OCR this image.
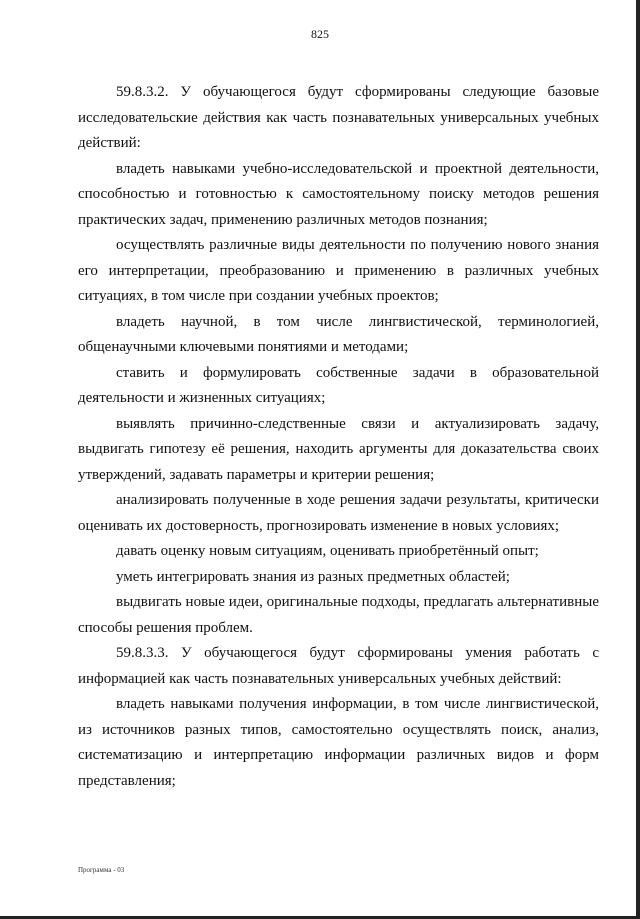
825

59.8.3.2. У обучающегося будут сформированы следующие базовые исследовательские действия как часть познавательных универсальных учебных действий:

владеть навыками учебно-исследовательской и проектной деятельности, способностью и готовностью к самостоятельному поиску методов решения практических задач, применению различных методов познания;

осуществлять различные виды деятельности по получению нового знания его интерпретации, преобразованию и применению в различных учебных ситуациях, в том числе при создании учебных проектов;

владеть научной, в том числе лингвистической, терминологией, общенаучными ключевыми понятиями и методами;

ставить и формулировать собственные задачи в образовательной деятельности и жизненных ситуациях;

выявлять причинно-следственные связи и актуализировать задачу, выдвигать гипотезу её решения, находить аргументы для доказательства своих утверждений, задавать параметры и критерии решения;

анализировать полученные в ходе решения задачи результаты, критически оценивать их достоверность, прогнозировать изменение в новых условиях;

давать оценку новым ситуациям, оценивать приобретённый опыт;

уметь интегрировать знания из разных предметных областей;

выдвигать новые идеи, оригинальные подходы, предлагать альтернативные способы решения проблем.

59.8.3.3. У обучающегося будут сформированы умения работать с информацией как часть познавательных универсальных учебных действий:

владеть навыками получения информации, в том числе лингвистической, из источников разных типов, самостоятельно осуществлять поиск, анализ, систематизацию и интерпретацию информации различных видов и форм представления;

Программа - 03
